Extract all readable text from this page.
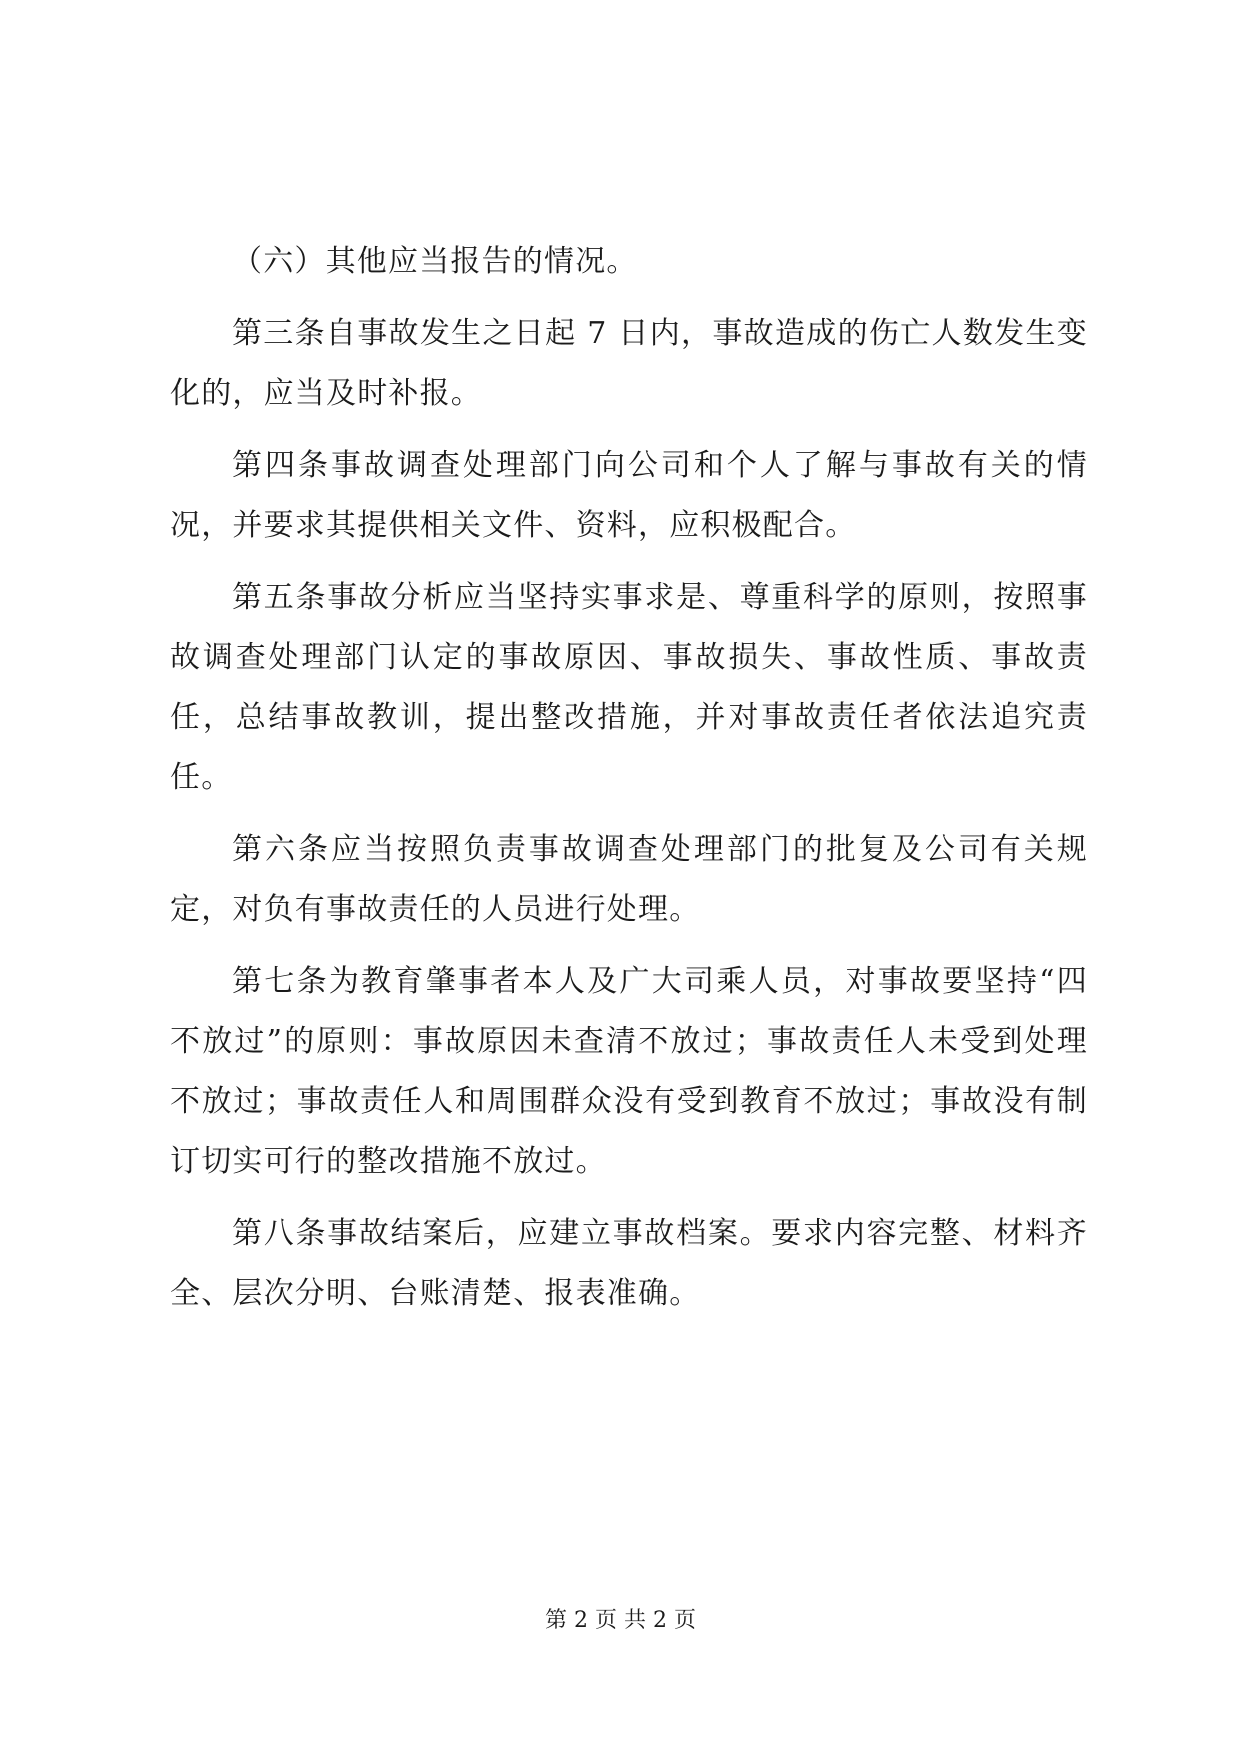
（六）其他应当报告的情况。

第三条自事故发生之日起 7 日内，事故造成的伤亡人数发生变化的，应当及时补报。

第四条事故调查处理部门向公司和个人了解与事故有关的情况，并要求其提供相关文件、资料，应积极配合。

第五条事故分析应当坚持实事求是、尊重科学的原则，按照事故调查处理部门认定的事故原因、事故损失、事故性质、事故责任，总结事故教训，提出整改措施，并对事故责任者依法追究责任。

第六条应当按照负责事故调查处理部门的批复及公司有关规定，对负有事故责任的人员进行处理。

第七条为教育肇事者本人及广大司乘人员，对事故要坚持“四不放过”的原则：事故原因未查清不放过；事故责任人未受到处理不放过；事故责任人和周围群众没有受到教育不放过；事故没有制订切实可行的整改措施不放过。

第八条事故结案后，应建立事故档案。要求内容完整、材料齐全、层次分明、台账清楚、报表准确。

第 2 页 共 2 页
